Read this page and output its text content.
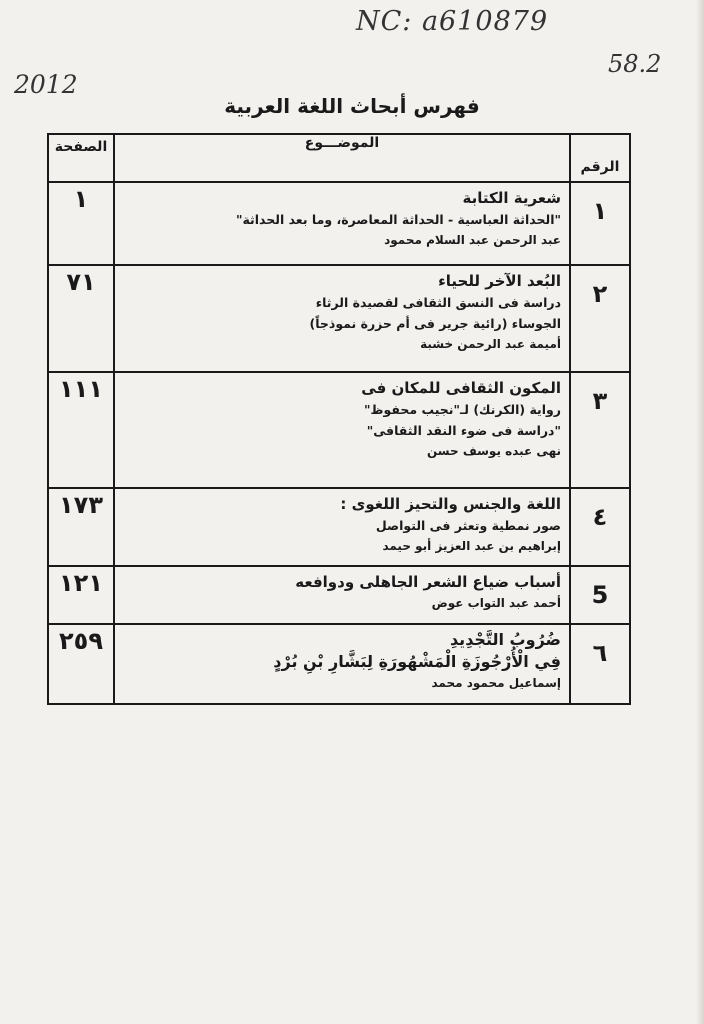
NC: a610879
2012
58.2
فهرس أبحاث اللغة العربية
الرقم	الموضـــوع	الصفحة
١	شعرية الكتابة
"الحداثة العباسية - الحداثة المعاصرة، وما بعد الحداثة"
عبد الرحمن عبد السلام محمود	١
٢	البُعد الآخر للحياء
دراسة فى النسق الثقافى لقصيدة الرثاء
الجوساء (رائية جرير فى أم حزرة نموذجاً)
أميمة عبد الرحمن خشبة	٧١
٣	المكون الثقافى للمكان فى
رواية (الكرنك) لـ"نجيب محفوظ"
"دراسة فى ضوء النقد الثقافى"
نهى عبده يوسف حسن	١١١
٤	اللغة والجنس والتحيز اللغوى :
صور نمطية وتعثر فى التواصل
إبراهيم بن عبد العزيز أبو حيمد	١٧٣
5	أسباب ضياع الشعر الجاهلى ودوافعه
أحمد عبد التواب عوض	١٢١
٦	ضُرُوبُ التَّجْدِيدِ
فِي الْأُرْجُوزَةِ الْمَشْهُورَةِ لِبَشَّارِ بْنِ بُرْدٍ
إسماعيل محمود محمد	٢٥٩
